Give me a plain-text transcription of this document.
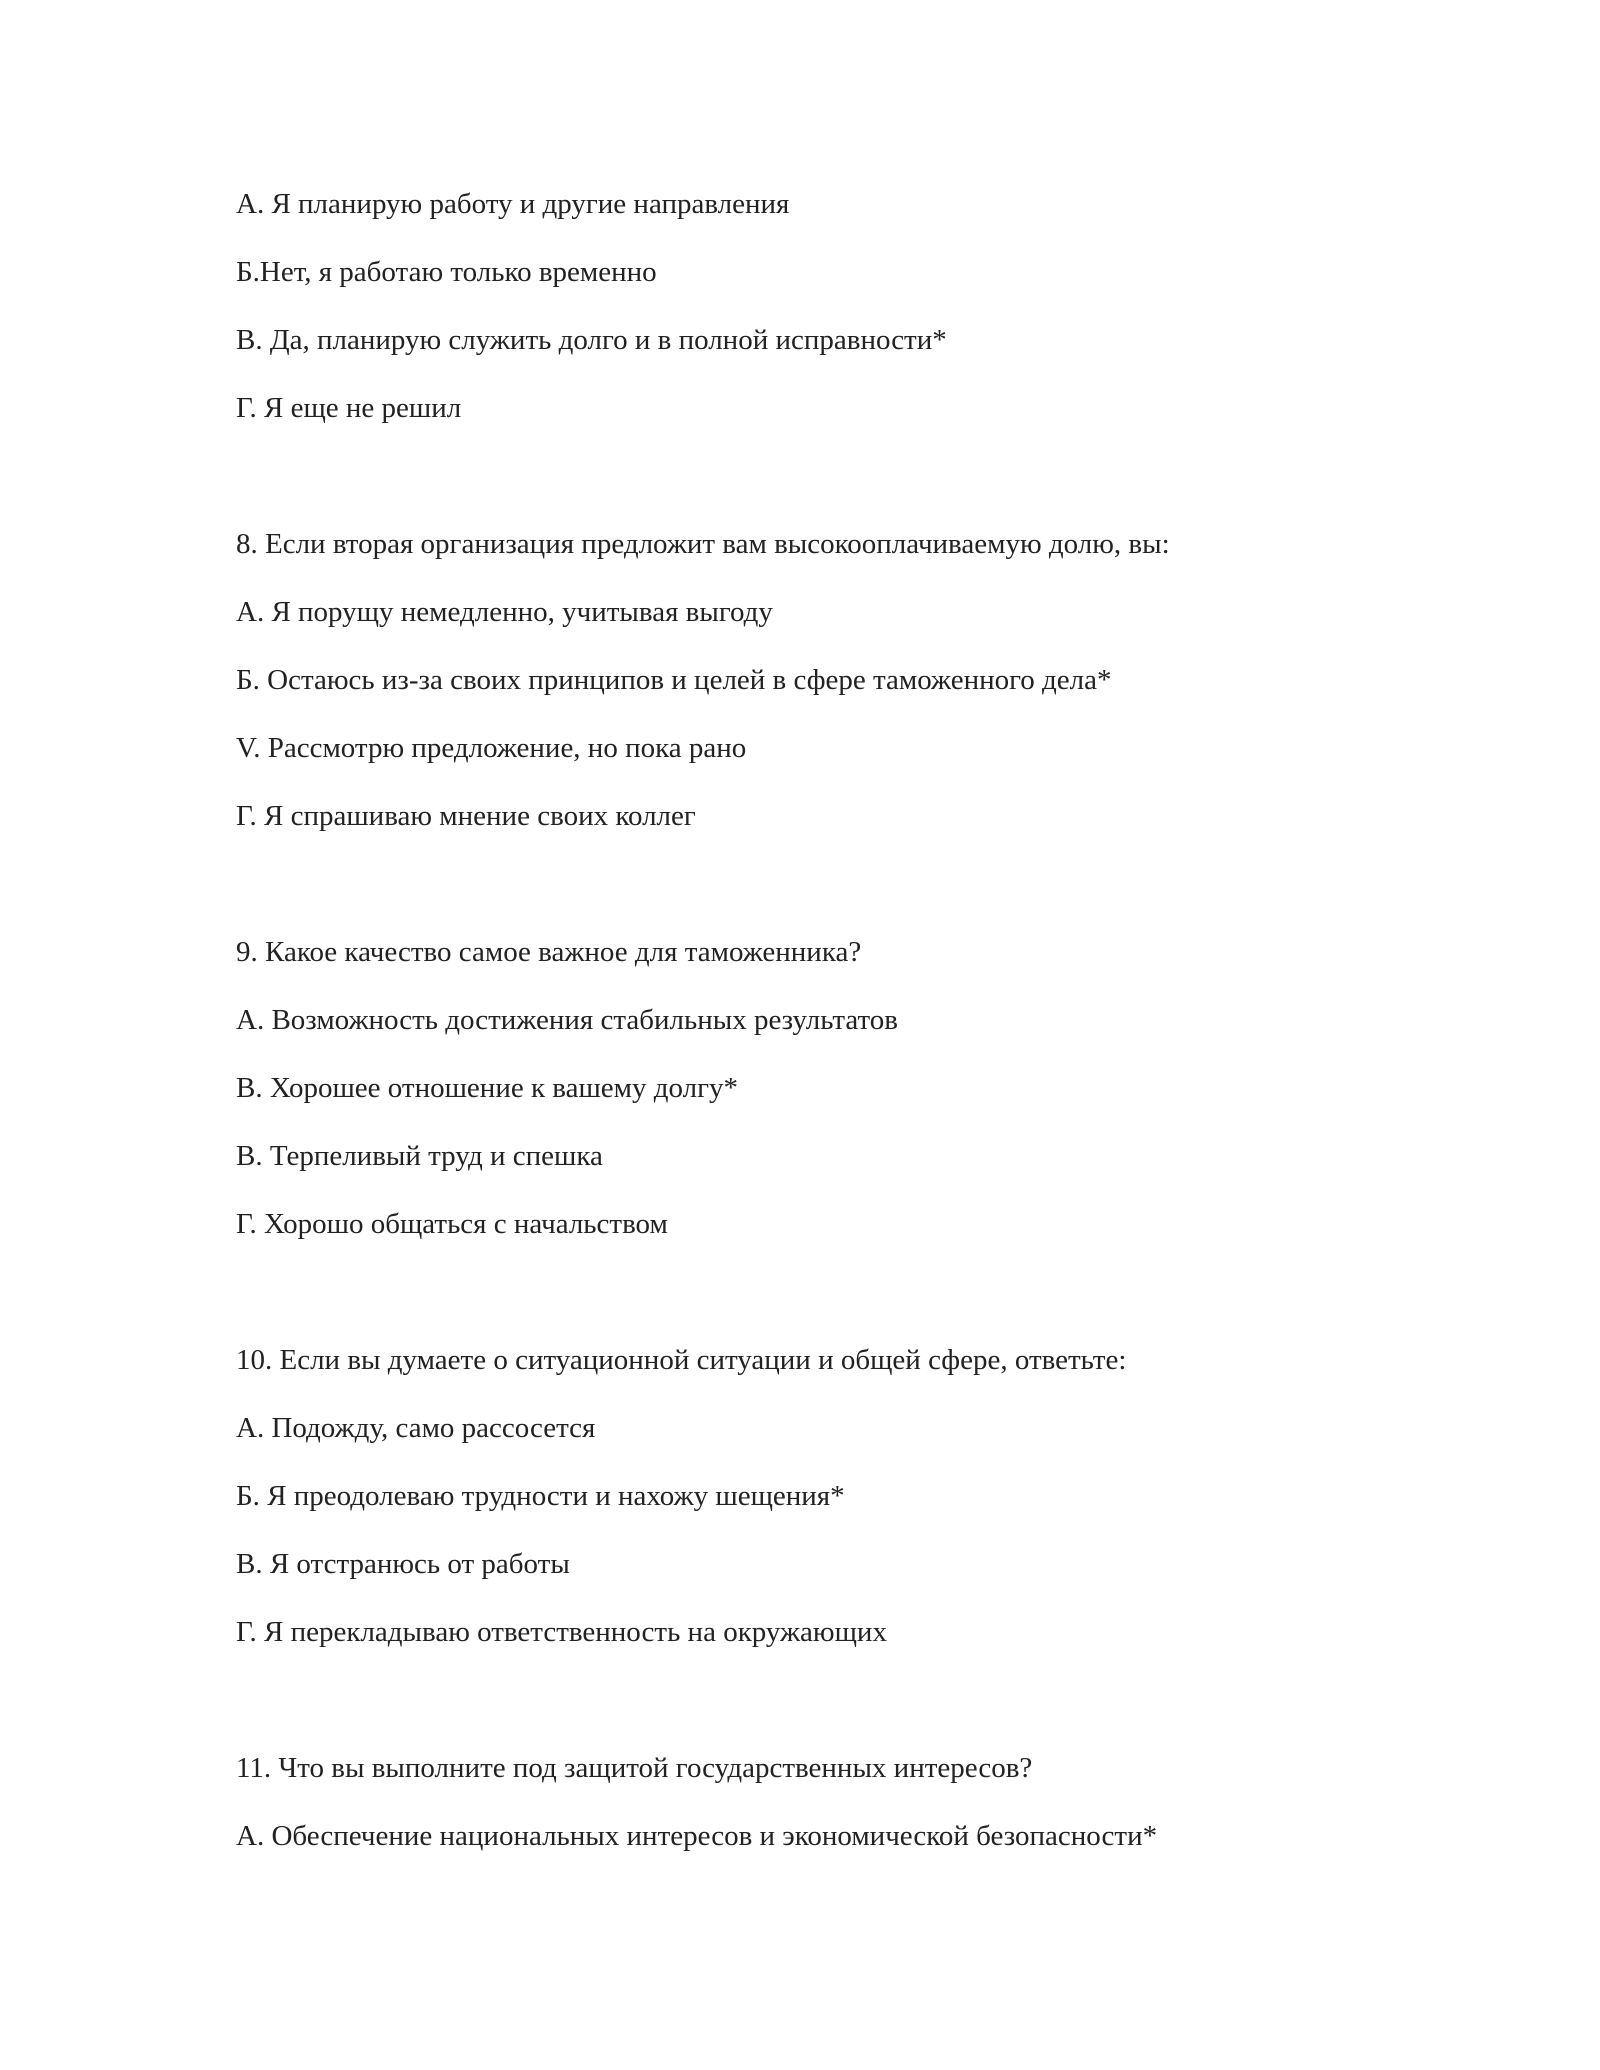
А. Я планирую работу и другие направления
Б.Нет, я работаю только временно
В. Да, планирую служить долго и в полной исправности*
Г. Я еще не решил
8. Если вторая организация предложит вам высокооплачиваемую долю, вы:
А. Я порущу немедленно, учитывая выгоду
Б. Остаюсь из-за своих принципов и целей в сфере таможенного дела*
V. Рассмотрю предложение, но пока рано
Г. Я спрашиваю мнение своих коллег
9. Какое качество самое важное для таможенника?
А. Возможность достижения стабильных результатов
В. Хорошее отношение к вашему долгу*
В. Терпеливый труд и спешка
Г. Хорошо общаться с начальством
10. Если вы думаете о ситуационной ситуации и общей сфере, ответьте:
А. Подожду, само рассосется
Б. Я преодолеваю трудности и нахожу шещения*
В. Я отстранюсь от работы
Г. Я перекладываю ответственность на окружающих
11. Что вы выполните под защитой государственных интересов?
А. Обеспечение национальных интересов и экономической безопасности*
